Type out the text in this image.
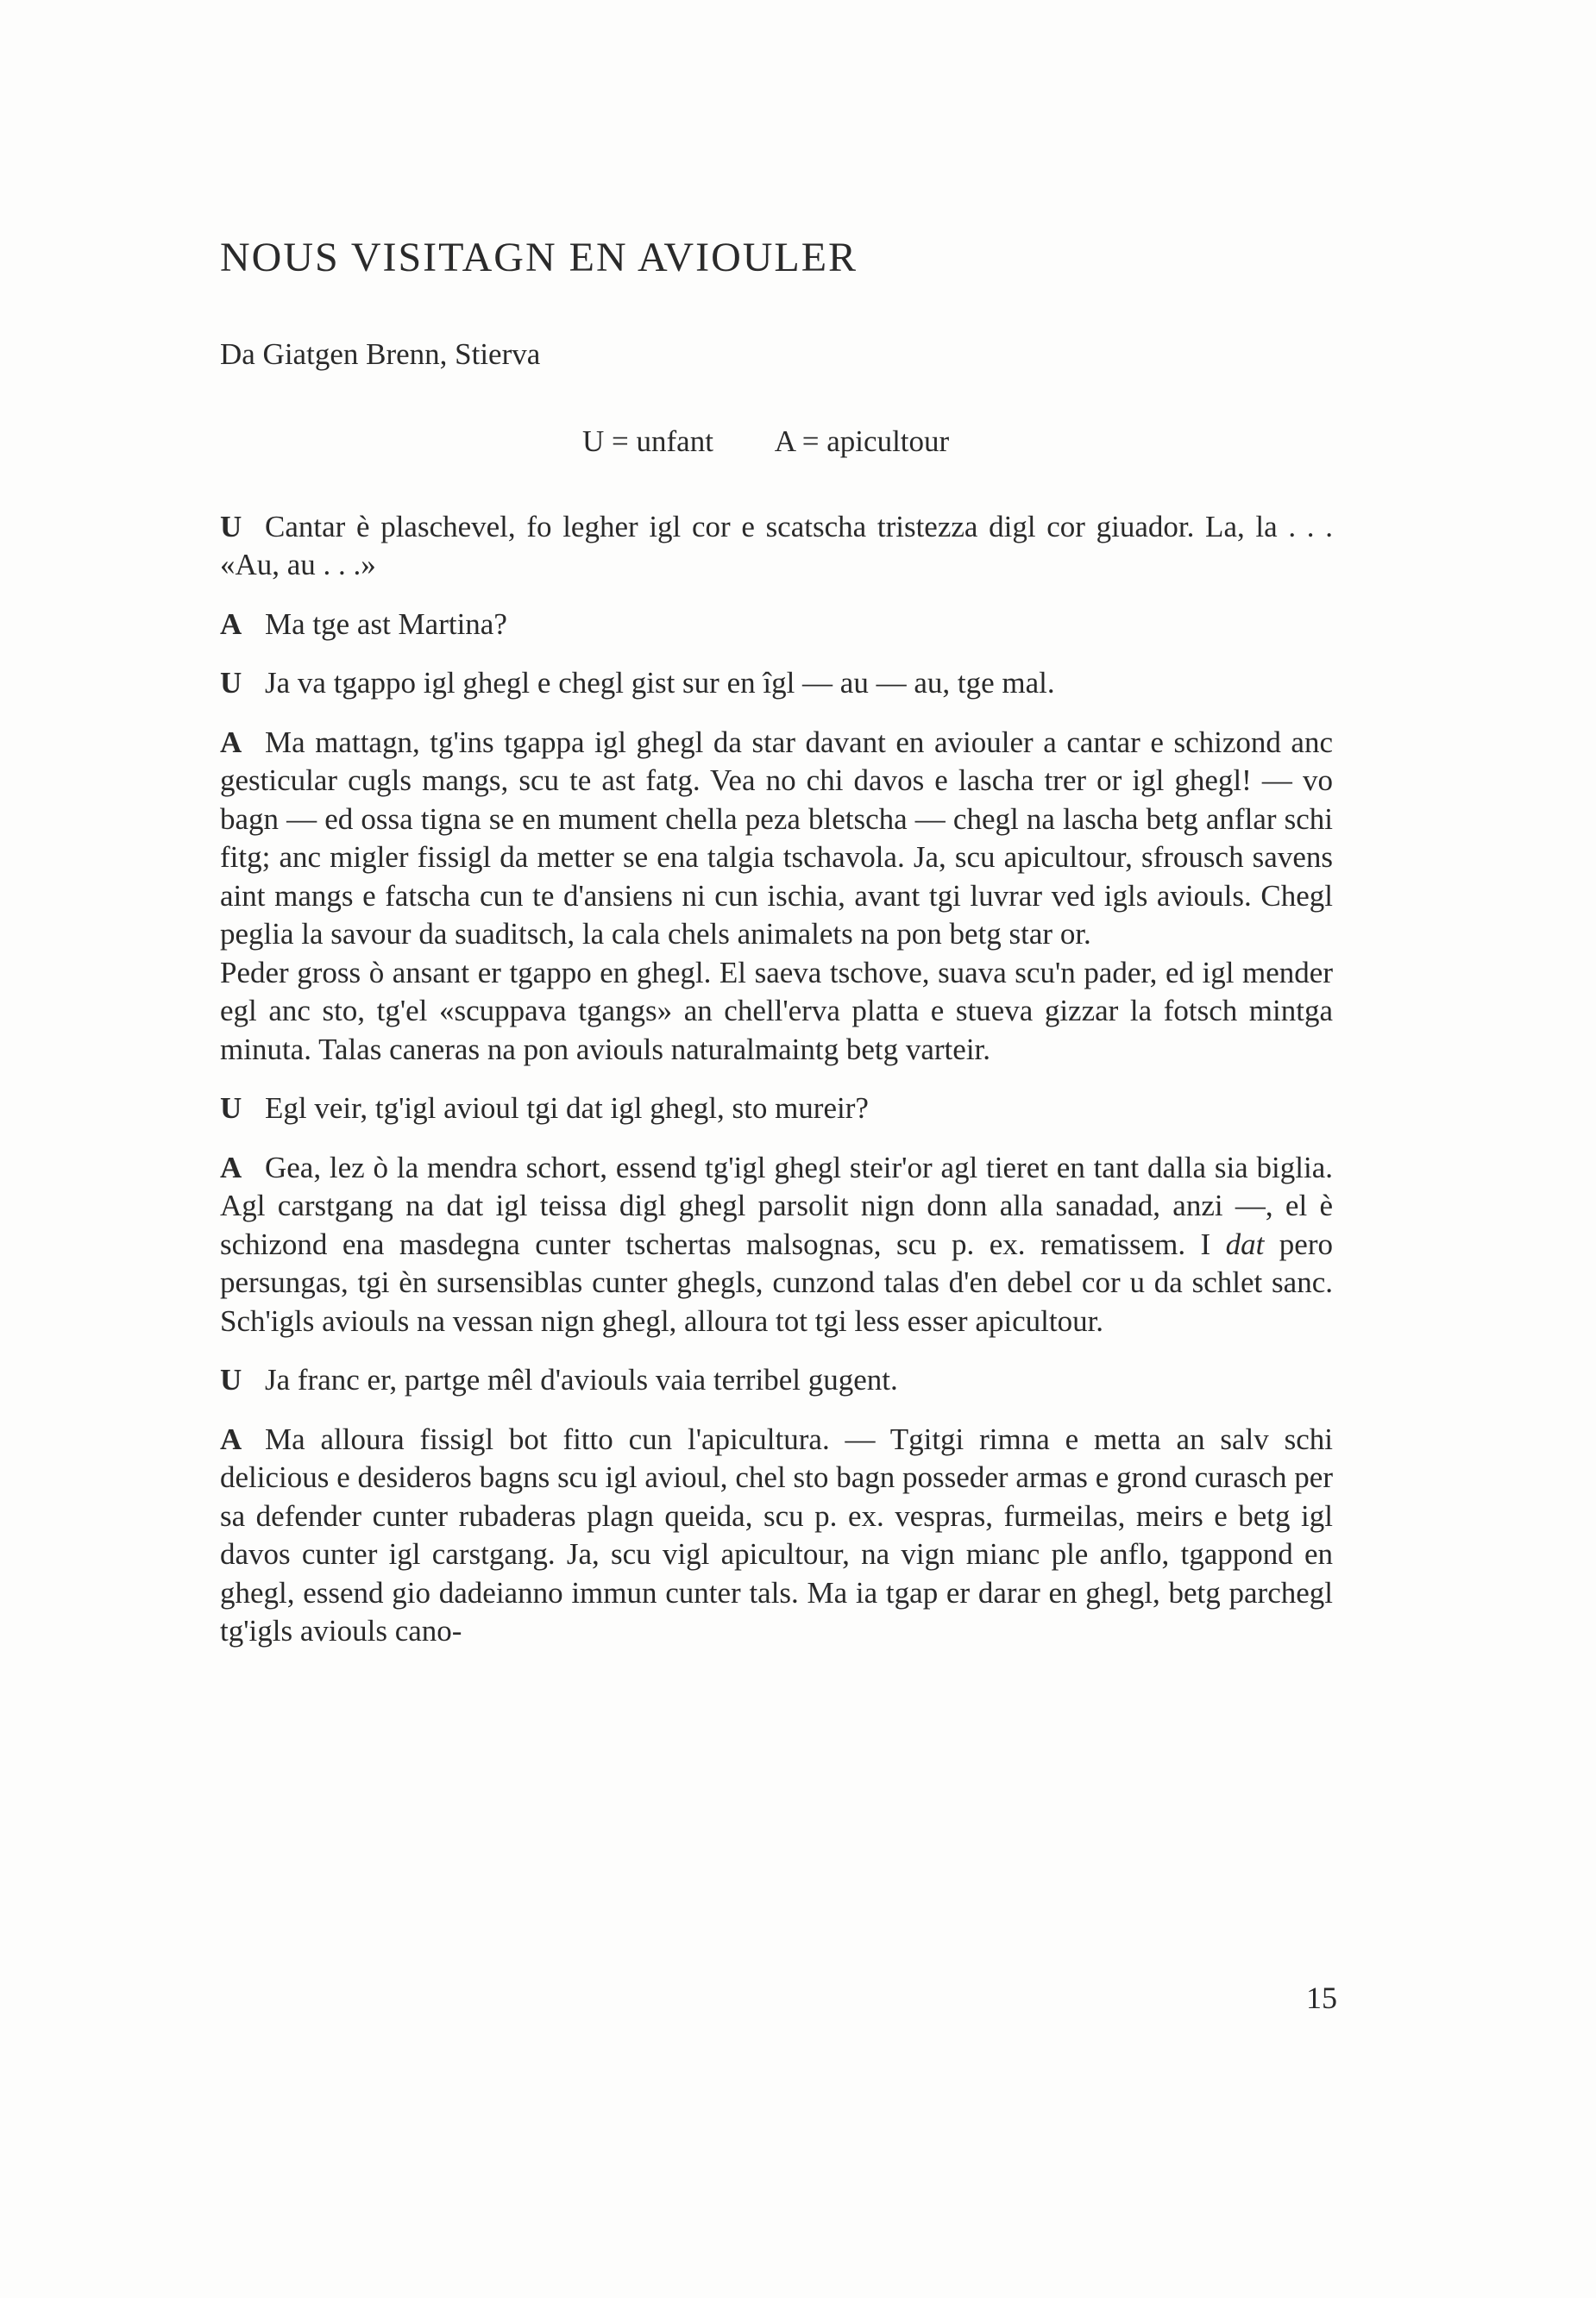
NOUS VISITAGN EN AVIOULER
Da Giatgen Brenn, Stierva
U = unfant A = apicultour

U Cantar è plaschevel, fo legher igl cor e scatscha tristezza digl cor giuador. La, la . . . «Au, au . . .»

A Ma tge ast Martina?

U Ja va tgappo igl ghegl e chegl gist sur en îgl — au — au, tge mal.

A Ma mattagn, tg'ins tgappa igl ghegl da star davant en aviouler a cantar e schizond anc gesticular cugls mangs, scu te ast fatg. Vea no chi davos e lascha trer or igl ghegl! — vo bagn — ed ossa tigna se en mument chella peza bletscha — chegl na lascha betg anflar schi fitg; anc migler fissigl da metter se ena talgia tschavola. Ja, scu apicultour, sfrousch savens aint mangs e fatscha cun te d'ansiens ni cun ischia, avant tgi luvrar ved igls aviouls. Chegl peglia la savour da suaditsch, la cala chels animalets na pon betg star or.

Peder gross ò ansant er tgappo en ghegl. El saeva tschove, suava scu'n pader, ed igl mender egl anc sto, tg'el «scuppava tgangs» an chell'erva platta e stueva gizzar la fotsch mintga minuta. Talas caneras na pon aviouls naturalmaintg betg varteir.

U Egl veir, tg'igl avioul tgi dat igl ghegl, sto mureir?

A Gea, lez ò la mendra schort, essend tg'igl ghegl steir'or agl tieret en tant dalla sia biglia. Agl carstgang na dat igl teissa digl ghegl parsolit nign donn alla sanadad, anzi —, el è schizond ena masdegna cunter tschertas malsognas, scu p. ex. rematissem. I dat pero persungas, tgi èn sursensiblas cunter ghegls, cunzond talas d'en debel cor u da schlet sanc. Sch'igls aviouls na vessan nign ghegl, alloura tot tgi less esser apicultour.

U Ja franc er, partge mêl d'aviouls vaia terribel gugent.

A Ma alloura fissigl bot fitto cun l'apicultura. — Tgitgi rimna e metta an salv schi delicious e desideros bagns scu igl avioul, chel sto bagn posseder armas e grond curasch per sa defender cunter rubaderas plagn queida, scu p. ex. vespras, furmeilas, meirs e betg igl davos cunter igl carstgang. Ja, scu vigl apicultour, na vign mianc ple anflo, tgappond en ghegl, essend gio dadeianno immun cunter tals. Ma ia tgap er darar en ghegl, betg parchegl tg'igls aviouls cano-

15
